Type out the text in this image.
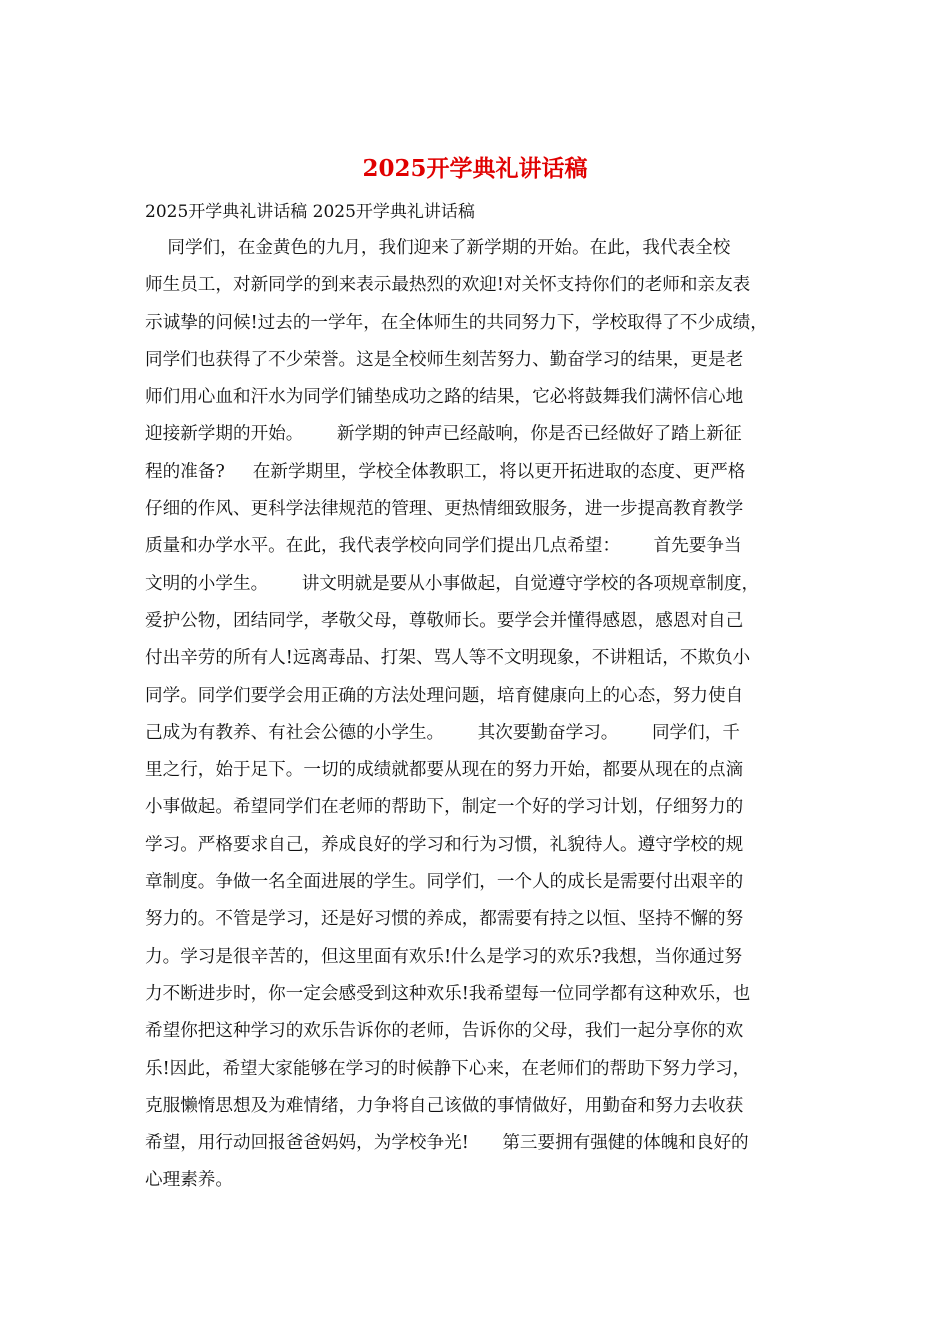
2025开学典礼讲话稿

2025开学典礼讲话稿 2025开学典礼讲话稿

同学们，在金黄色的九月，我们迎来了新学期的开始。在此，我代表全校
师生员工，对新同学的到来表示最热烈的欢迎!对关怀支持你们的老师和亲友表
示诚挚的问候!过去的一学年，在全体师生的共同努力下，学校取得了不少成绩，
同学们也获得了不少荣誉。这是全校师生刻苦努力、勤奋学习的结果，更是老
师们用心血和汗水为同学们铺垫成功之路的结果，它必将鼓舞我们满怀信心地
迎接新学期的开始。      新学期的钟声已经敲响，你是否已经做好了踏上新征
程的准备?     在新学期里，学校全体教职工，将以更开拓进取的态度、更严格
仔细的作风、更科学法律规范的管理、更热情细致服务，进一步提高教育教学
质量和办学水平。在此，我代表学校向同学们提出几点希望：      首先要争当
文明的小学生。      讲文明就是要从小事做起，自觉遵守学校的各项规章制度，
爱护公物，团结同学，孝敬父母，尊敬师长。要学会并懂得感恩，感恩对自己
付出辛劳的所有人!远离毒品、打架、骂人等不文明现象，不讲粗话，不欺负小
同学。同学们要学会用正确的方法处理问题，培育健康向上的心态，努力使自
己成为有教养、有社会公德的小学生。      其次要勤奋学习。      同学们，千
里之行，始于足下。一切的成绩就都要从现在的努力开始，都要从现在的点滴
小事做起。希望同学们在老师的帮助下，制定一个好的学习计划，仔细努力的
学习。严格要求自己，养成良好的学习和行为习惯，礼貌待人。遵守学校的规
章制度。争做一名全面进展的学生。同学们，一个人的成长是需要付出艰辛的
努力的。不管是学习，还是好习惯的养成，都需要有持之以恒、坚持不懈的努
力。学习是很辛苦的，但这里面有欢乐!什么是学习的欢乐?我想，当你通过努
力不断进步时，你一定会感受到这种欢乐!我希望每一位同学都有这种欢乐，也
希望你把这种学习的欢乐告诉你的老师，告诉你的父母，我们一起分享你的欢
乐!因此，希望大家能够在学习的时候静下心来，在老师们的帮助下努力学习，
克服懒惰思想及为难情绪，力争将自己该做的事情做好，用勤奋和努力去收获
希望，用行动回报爸爸妈妈，为学校争光!      第三要拥有强健的体魄和良好的
心理素养。
